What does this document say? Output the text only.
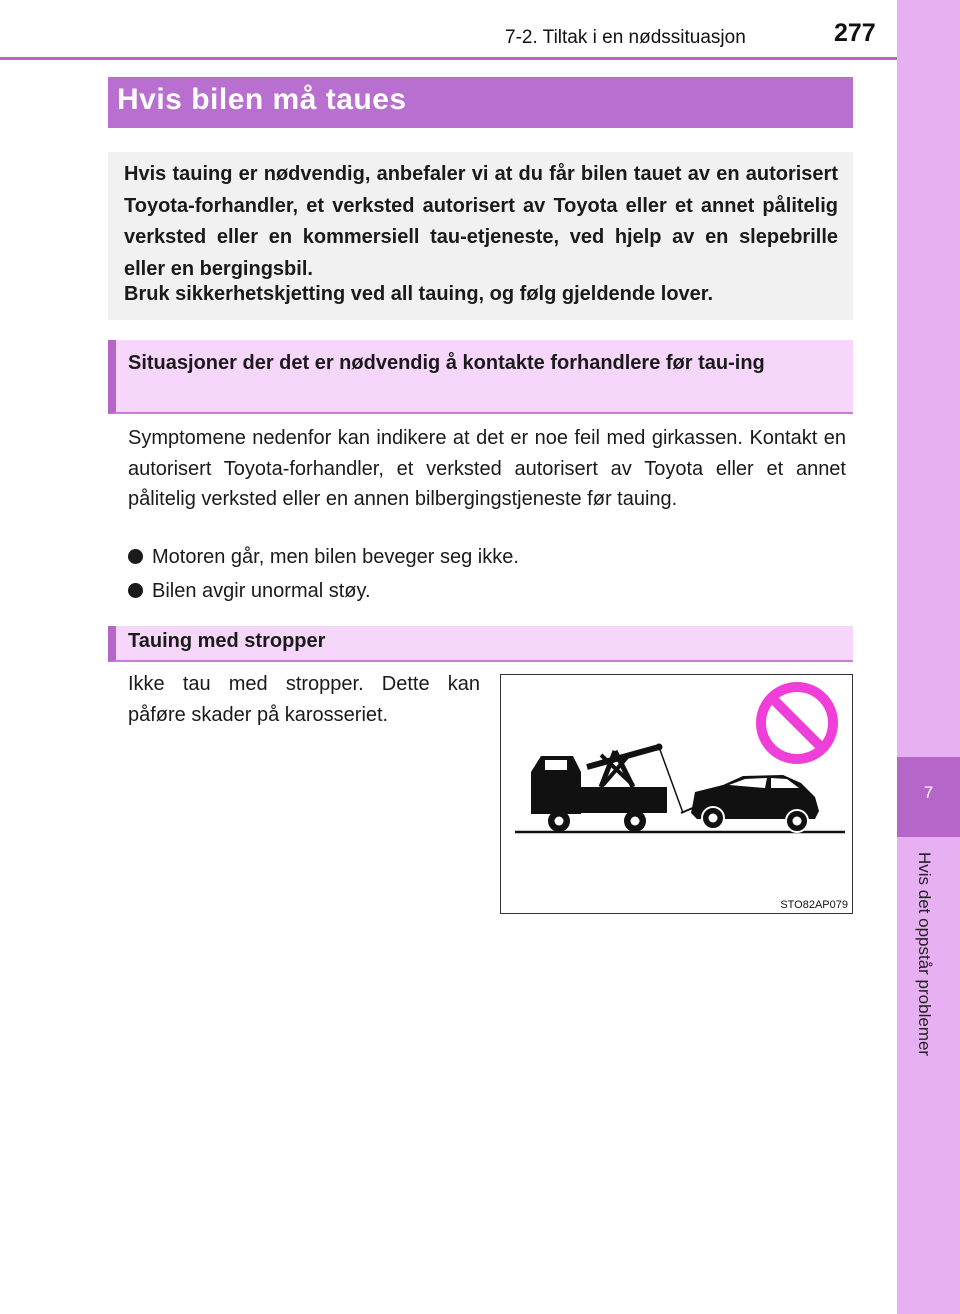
7
Hvis det oppstår problemer
7-2. Tiltak i en nødssituasjon	277
Hvis bilen må taues

Hvis tauing er nødvendig, anbefaler vi at du får bilen tauet av en autorisert Toyota-forhandler, et verksted autorisert av Toyota eller et annet pålitelig verksted eller en kommersiell tau-etjeneste, ved hjelp av en slepebrille eller en bergingsbil.

Bruk sikkerhetskjetting ved all tauing, og følg gjeldende lover.

Situasjoner der det er nødvendig å kontakte forhandlere før tau-ing

Symptomene nedenfor kan indikere at det er noe feil med girkassen. Kontakt en autorisert Toyota-forhandler, et verksted autorisert av Toyota eller et annet pålitelig verksted eller en annen bilbergingstjeneste før tauing.

Motoren går, men bilen beveger seg ikke.
Bilen avgir unormal støy.
Tauing med stropper

Ikke tau med stropper. Dette kan påføre skader på karosseriet.

STO82AP079
